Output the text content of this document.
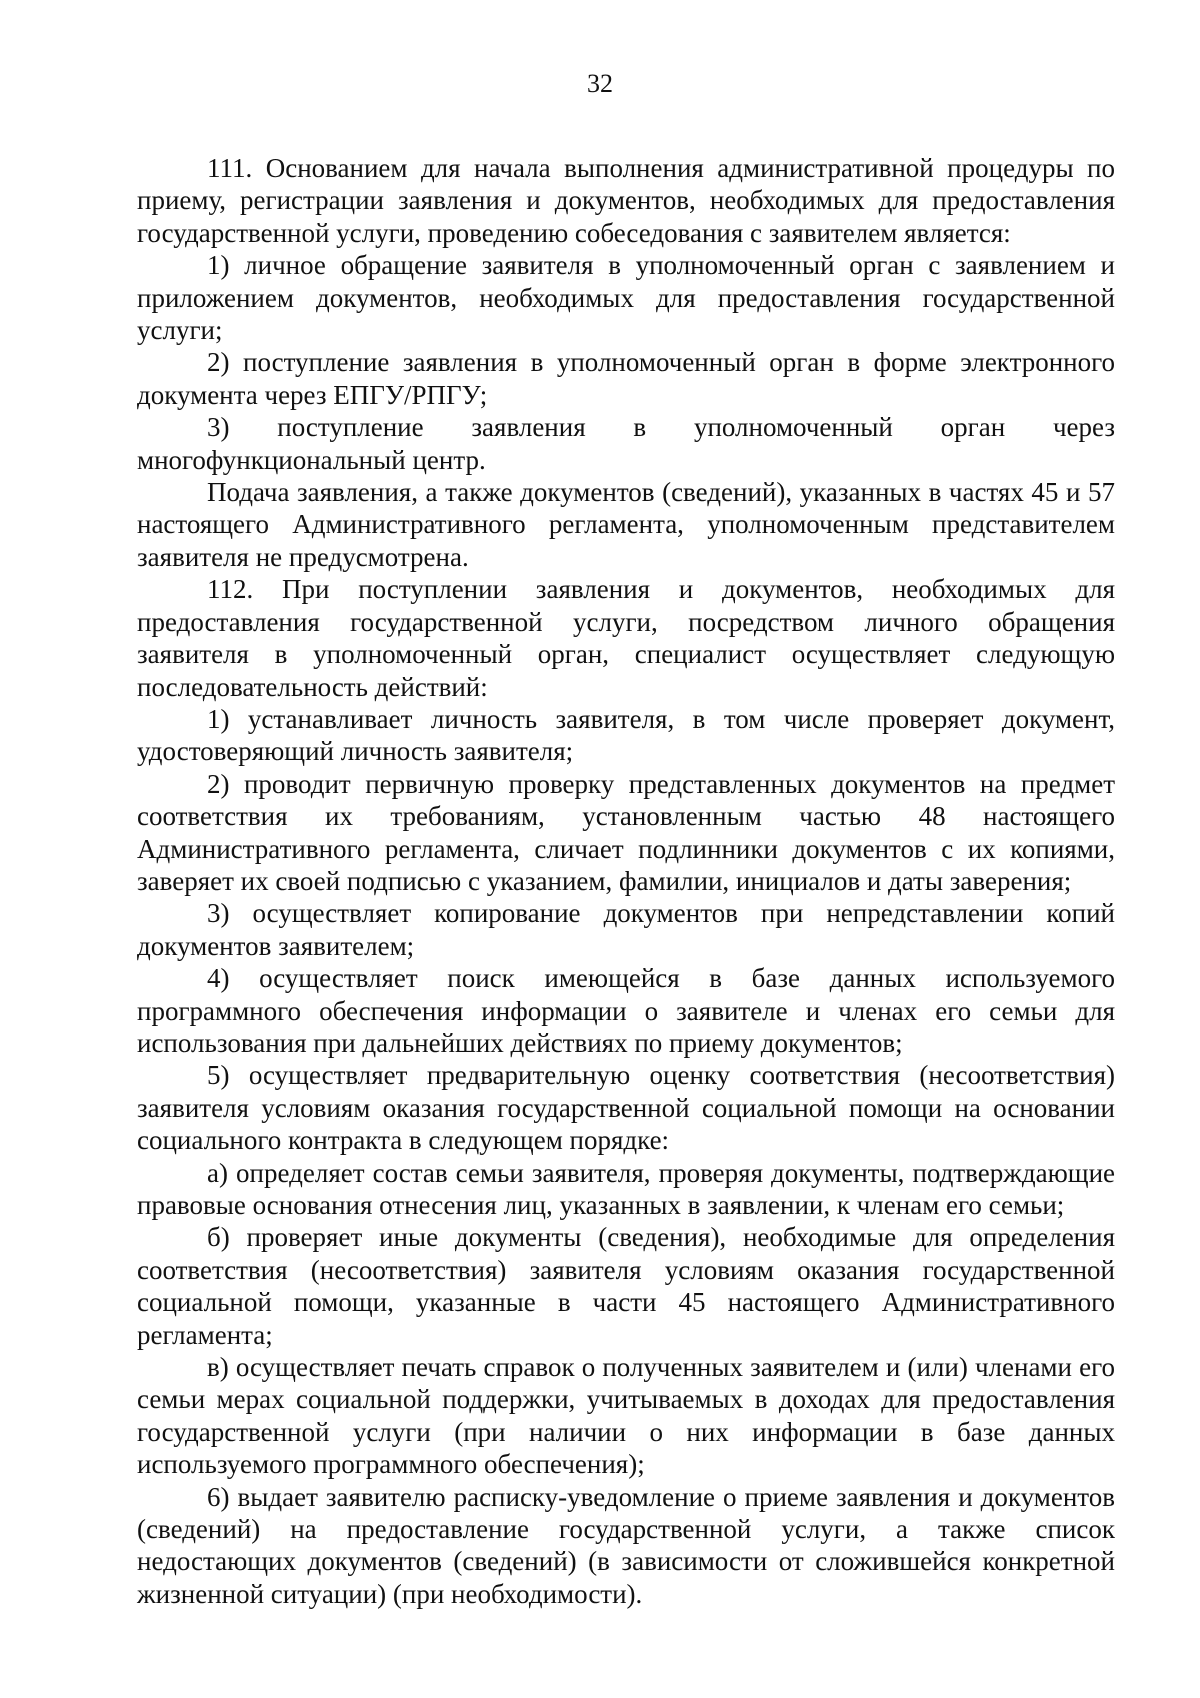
32

111. Основанием для начала выполнения административной процедуры по приему, регистрации заявления и документов, необходимых для предоставления государственной услуги, проведению собеседования с заявителем является:

1) личное обращение заявителя в уполномоченный орган с заявлением и приложением документов, необходимых для предоставления государственной услуги;

2) поступление заявления в уполномоченный орган в форме электронного документа через ЕПГУ/РПГУ;

3) поступление заявления в уполномоченный орган через многофункциональный центр.

Подача заявления, а также документов (сведений), указанных в частях 45 и 57 настоящего Административного регламента, уполномоченным представителем заявителя не предусмотрена.

112. При поступлении заявления и документов, необходимых для предоставления государственной услуги, посредством личного обращения заявителя в уполномоченный орган, специалист осуществляет следующую последовательность действий:

1) устанавливает личность заявителя, в том числе проверяет документ, удостоверяющий личность заявителя;

2) проводит первичную проверку представленных документов на предмет соответствия их требованиям, установленным частью 48 настоящего Административного регламента, сличает подлинники документов с их копиями, заверяет их своей подписью с указанием, фамилии, инициалов и даты заверения;

3) осуществляет копирование документов при непредставлении копий документов заявителем;

4) осуществляет поиск имеющейся в базе данных используемого программного обеспечения информации о заявителе и членах его семьи для использования при дальнейших действиях по приему документов;

5) осуществляет предварительную оценку соответствия (несоответствия) заявителя условиям оказания государственной социальной помощи на основании социального контракта в следующем порядке:

а) определяет состав семьи заявителя, проверяя документы, подтверждающие правовые основания отнесения лиц, указанных в заявлении, к членам его семьи;

б) проверяет иные документы (сведения), необходимые для определения соответствия (несоответствия) заявителя условиям оказания государственной социальной помощи, указанные в части 45 настоящего Административного регламента;

в) осуществляет печать справок о полученных заявителем и (или) членами его семьи мерах социальной поддержки, учитываемых в доходах для предоставления государственной услуги (при наличии о них информации в базе данных используемого программного обеспечения);

6) выдает заявителю расписку-уведомление о приеме заявления и документов (сведений) на предоставление государственной услуги, а также список недостающих документов (сведений) (в зависимости от сложившейся конкретной жизненной ситуации) (при необходимости).
